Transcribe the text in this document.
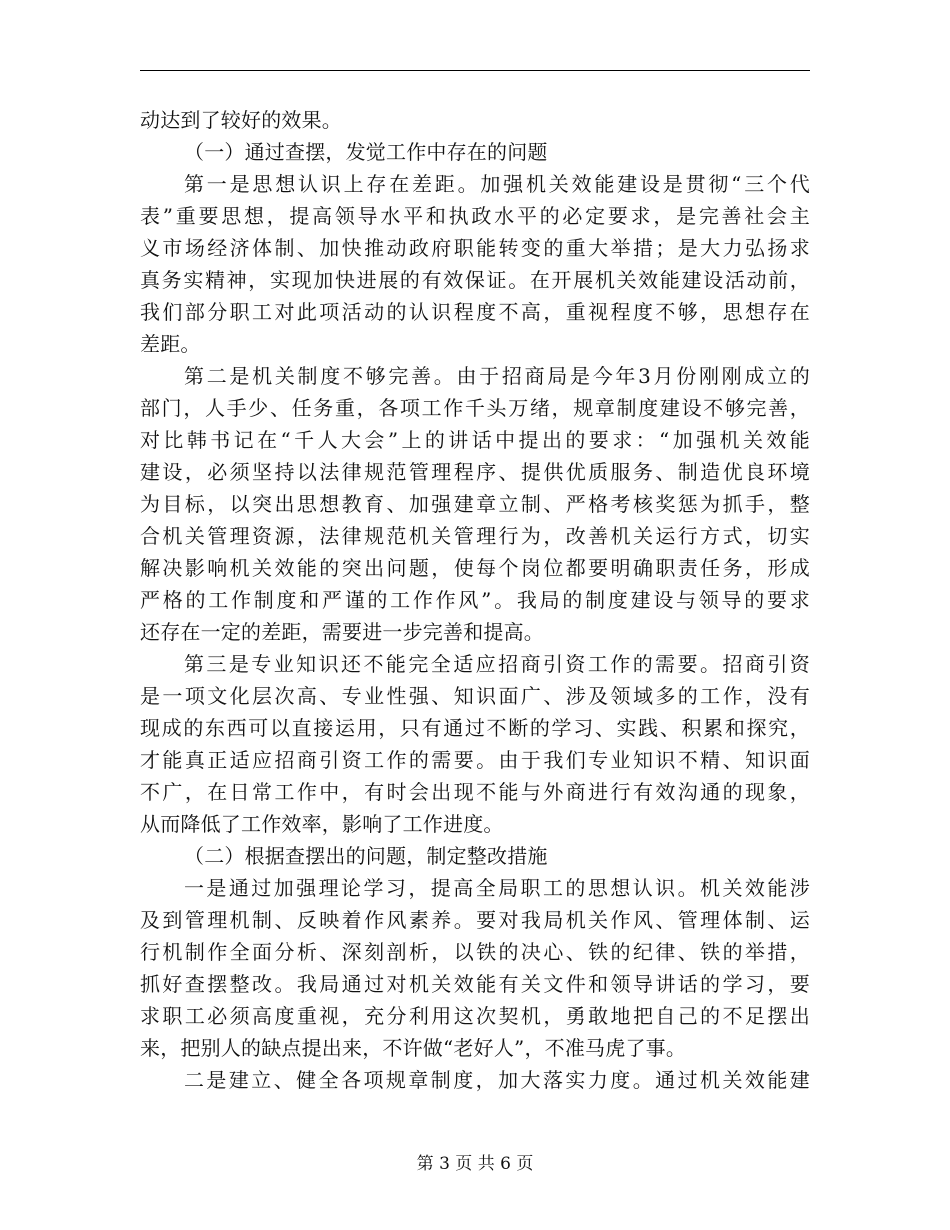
动达到了较好的效果。
（一）通过查摆，发觉工作中存在的问题
第一是思想认识上存在差距。加强机关效能建设是贯彻“三个代
表”重要思想，提高领导水平和执政水平的必定要求，是完善社会主
义市场经济体制、加快推动政府职能转变的重大举措；是大力弘扬求
真务实精神，实现加快进展的有效保证。在开展机关效能建设活动前，
我们部分职工对此项活动的认识程度不高，重视程度不够，思想存在
差距。
第二是机关制度不够完善。由于招商局是今年3月份刚刚成立的
部门，人手少、任务重，各项工作千头万绪，规章制度建设不够完善，
对比韩书记在“千人大会”上的讲话中提出的要求：“加强机关效能
建设，必须坚持以法律规范管理程序、提供优质服务、制造优良环境
为目标，以突出思想教育、加强建章立制、严格考核奖惩为抓手，整
合机关管理资源，法律规范机关管理行为，改善机关运行方式，切实
解决影响机关效能的突出问题，使每个岗位都要明确职责任务，形成
严格的工作制度和严谨的工作作风”。我局的制度建设与领导的要求
还存在一定的差距，需要进一步完善和提高。
第三是专业知识还不能完全适应招商引资工作的需要。招商引资
是一项文化层次高、专业性强、知识面广、涉及领域多的工作，没有
现成的东西可以直接运用，只有通过不断的学习、实践、积累和探究，
才能真正适应招商引资工作的需要。由于我们专业知识不精、知识面
不广，在日常工作中，有时会出现不能与外商进行有效沟通的现象，
从而降低了工作效率，影响了工作进度。
（二）根据查摆出的问题，制定整改措施
一是通过加强理论学习，提高全局职工的思想认识。机关效能涉
及到管理机制、反映着作风素养。要对我局机关作风、管理体制、运
行机制作全面分析、深刻剖析，以铁的决心、铁的纪律、铁的举措，
抓好查摆整改。我局通过对机关效能有关文件和领导讲话的学习，要
求职工必须高度重视，充分利用这次契机，勇敢地把自己的不足摆出
来，把别人的缺点提出来，不许做“老好人”，不准马虎了事。
二是建立、健全各项规章制度，加大落实力度。通过机关效能建
第 3 页 共 6 页
